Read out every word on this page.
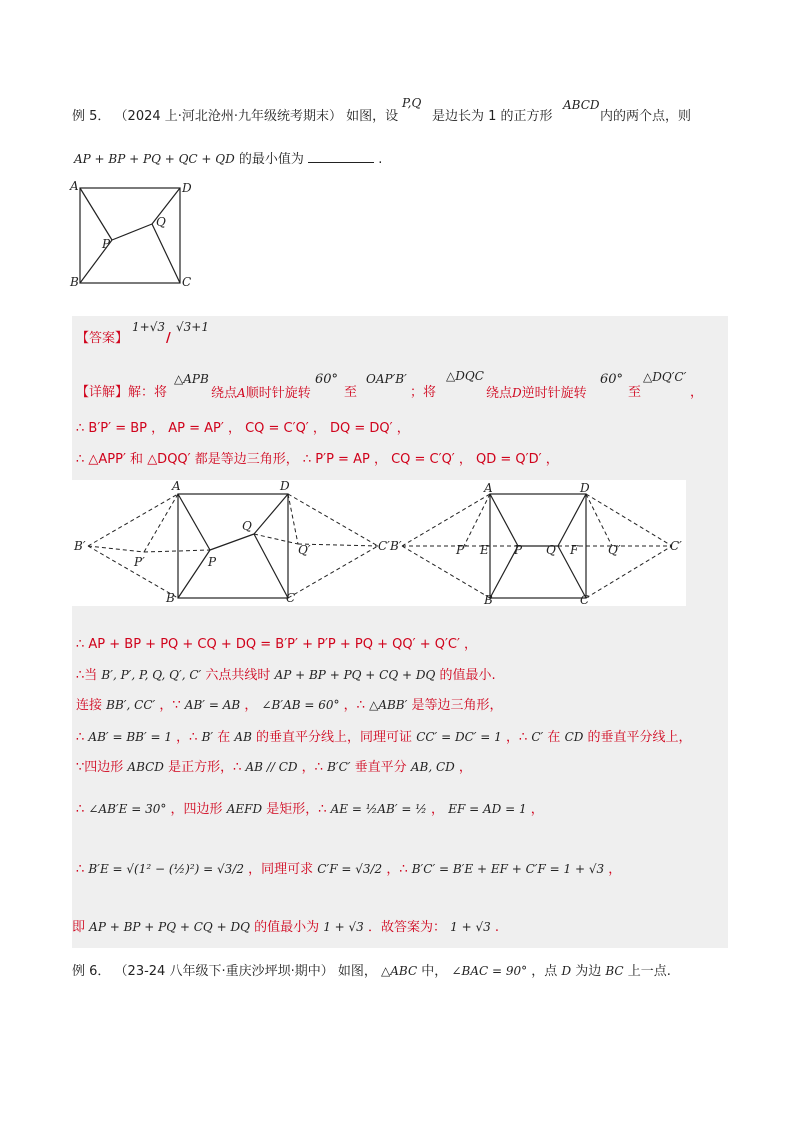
例 5． （2024 上·河北沧州·九年级统考期末） 如图，设
P,Q
是边长为 1 的正方形
ABCD
内的两个点，则
AP + BP + PQ + QC + QD 的最小值为	.
A
B	C
D
P
Q
【答案】
1+√3
/
√3+1
【详解】解：将
△APB
绕点A顺时针旋转
60°
至
OAP′B′
；将
△DQC
绕点D逆时针旋转
60°
至
△DQ′C′
，
∴ B′P′ = BP ， AP = AP′ ， CQ = C′Q′ ， DQ = DQ′ ，
∴ △APP′ 和 △DQQ′ 都是等边三角形， ∴ P′P = AP ， CQ = C′Q′ ， QD = Q′D′ ，
A
B	C
D
P
Q
B′
P′
Q′	C′
A
B	C
D
P Q
E	F
B′	P′	Q′	C′
∴ AP + BP + PQ + CQ + DQ = B′P′ + P′P + PQ + QQ′ + Q′C′ ，
∴当 B′, P′, P, Q, Q′, C′ 六点共线时 AP + BP + PQ + CQ + DQ 的值最小.
连接 BB′, CC′ ，∵ AB′ = AB ， ∠B′AB = 60° ，∴ △ABB′ 是等边三角形，
∴ AB′ = BB′ = 1 ，∴ B′ 在 AB 的垂直平分线上，同理可证 CC′ = DC′ = 1 ，∴ C′ 在 CD 的垂直平分线上，
∵四边形 ABCD 是正方形，∴ AB // CD ，∴ B′C′ 垂直平分 AB, CD ，
∴ ∠AB′E = 30° ，四边形 AEFD 是矩形，∴ AE = ½AB′ = ½ ， EF = AD = 1 ，
∴ B′E = √(1² − (½)²) = √3/2 ，同理可求 C′F = √3/2 ，∴ B′C′ = B′E + EF + C′F = 1 + √3 ，
即 AP + BP + PQ + CQ + DQ 的值最小为 1 + √3 ．故答案为： 1 + √3 .
例 6． （23-24 八年级下·重庆沙坪坝·期中） 如图， △ABC 中， ∠BAC = 90° ，点 D 为边 BC 上一点.
